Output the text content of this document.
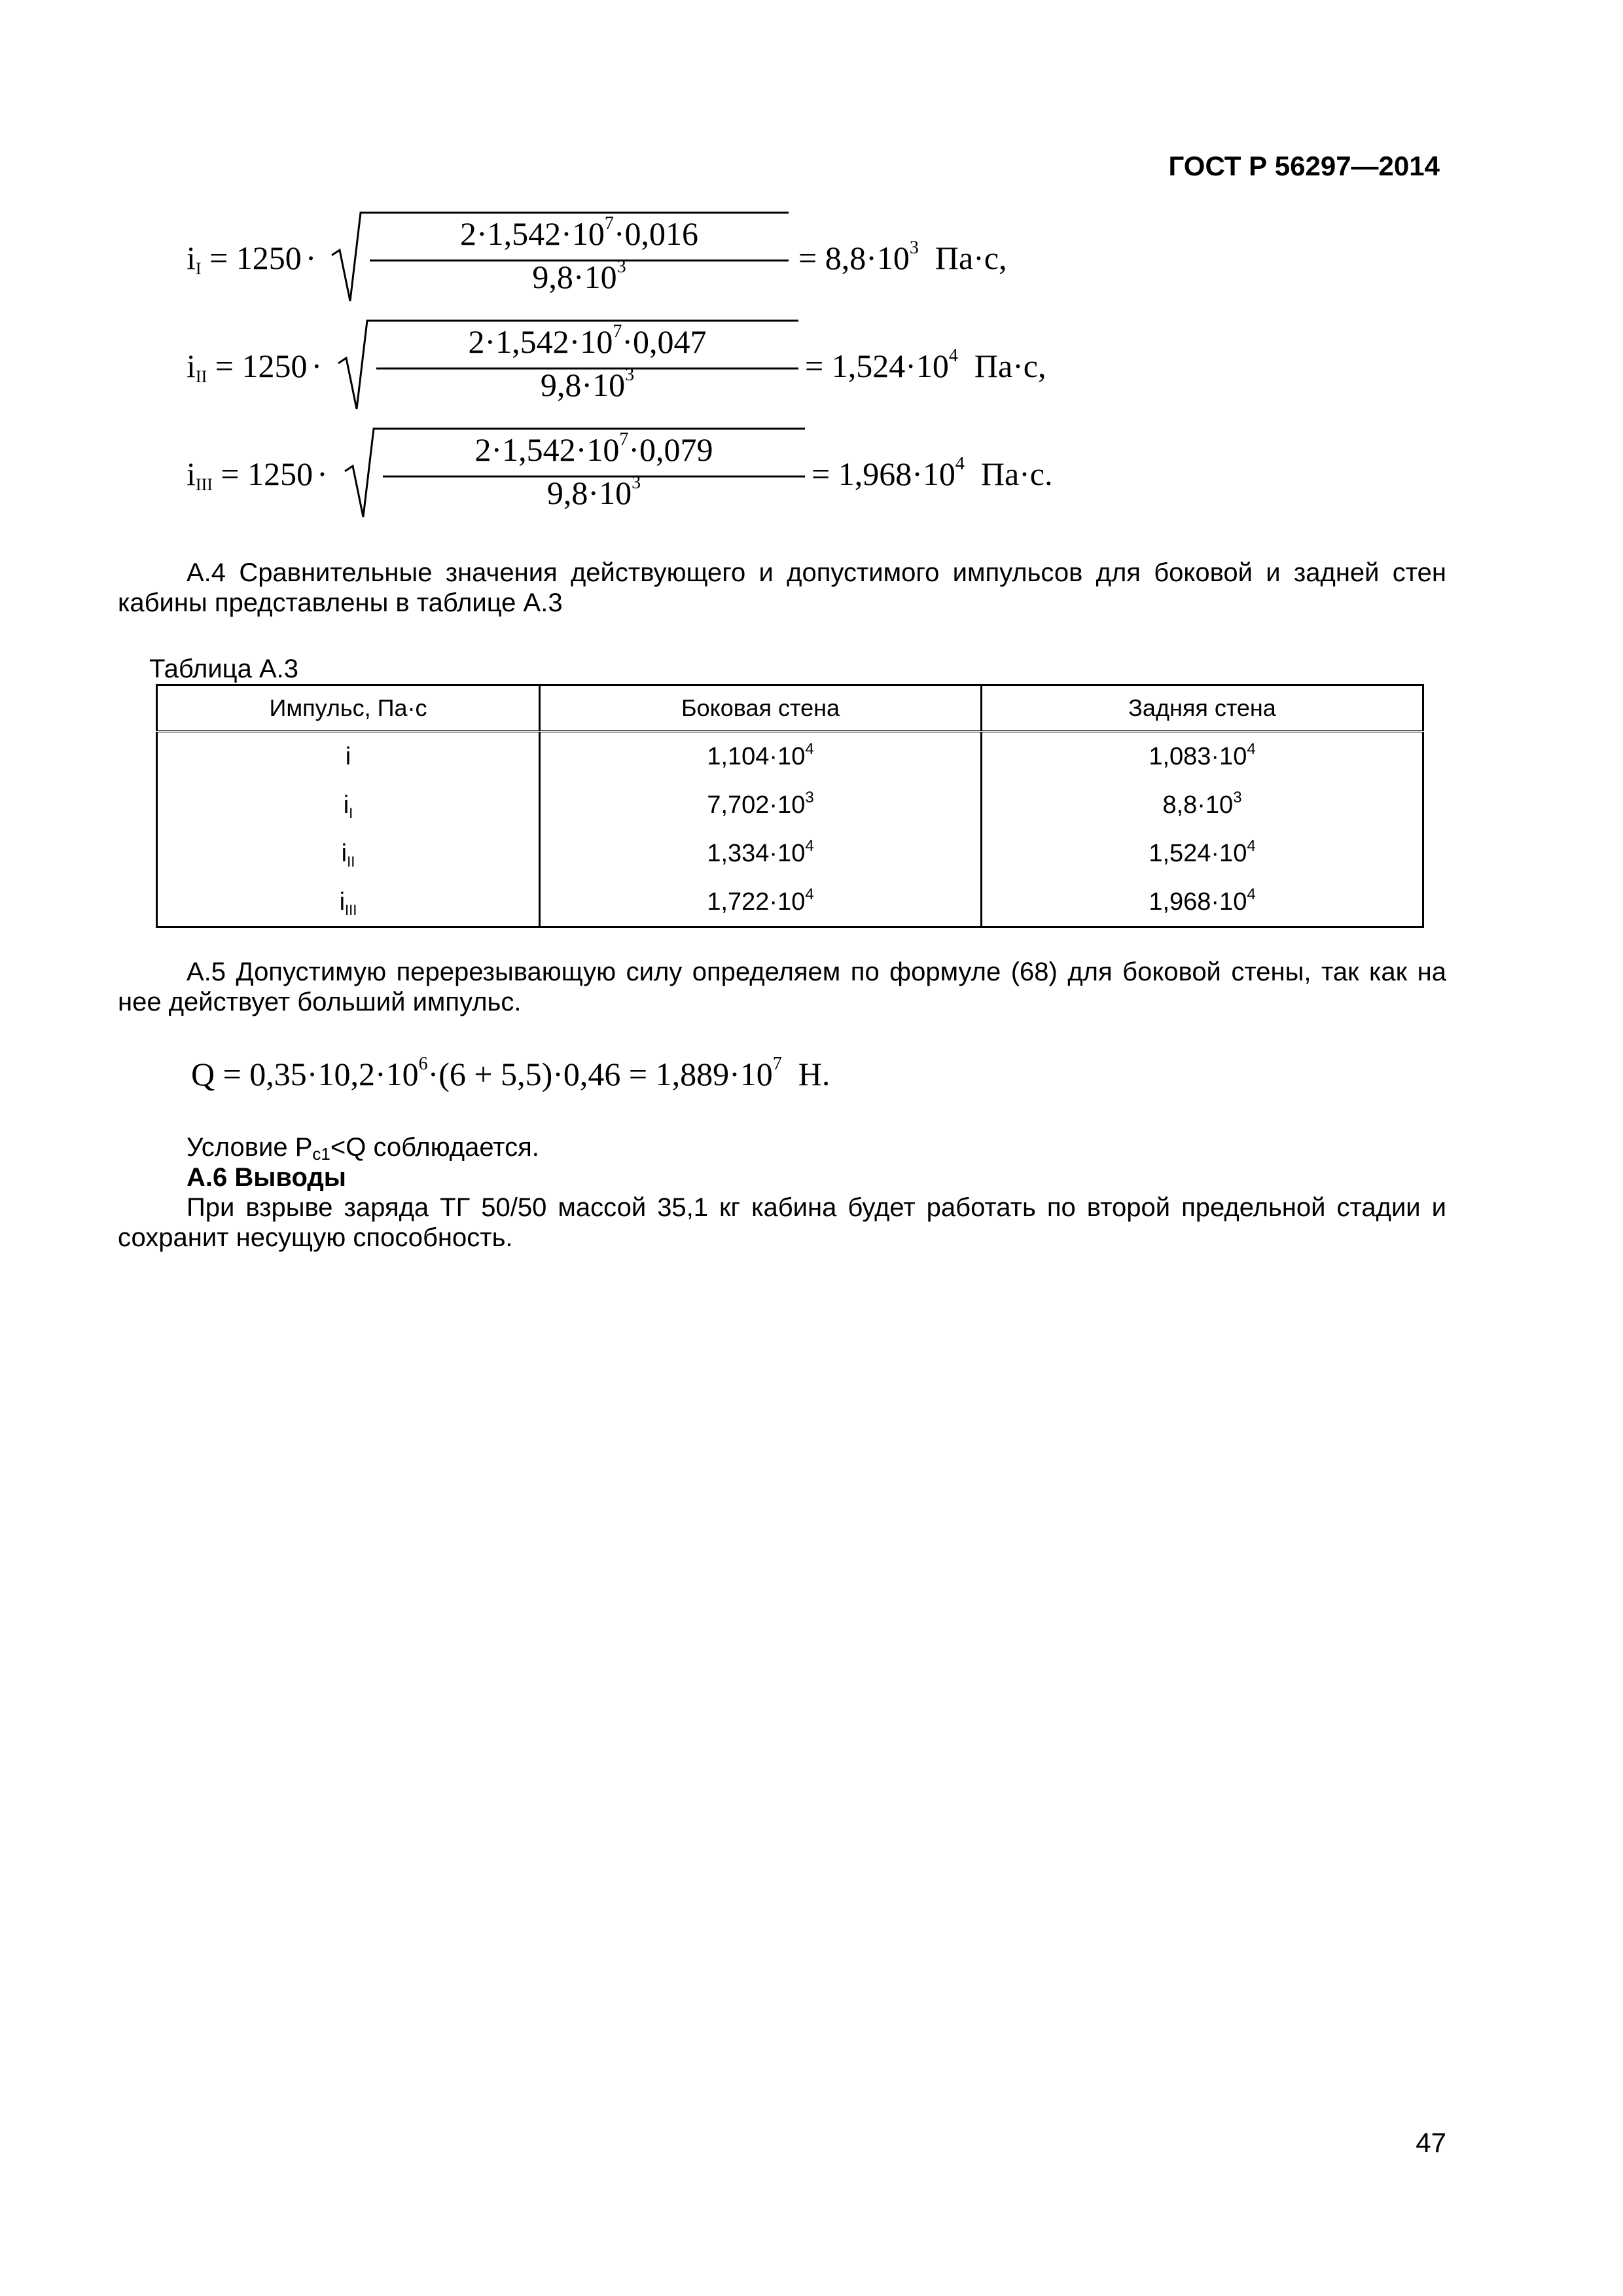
ГОСТ Р 56297—2014
$i_I = 1250$ ·
$2\cdot 1,542\cdot 10^7\cdot 0,016$
$9,8\cdot 10^3$	= $8,8\cdot 10^3$ Па·с,
$i_{II} = 1250$ ·
$2\cdot 1,542\cdot 10^7\cdot 0,047$
$9,8\cdot 10^3$	= $1,524\cdot 10^4$ Па·с,
$i_{III} = 1250$ ·
$2\cdot 1,542\cdot 10^7\cdot 0,079$
$9,8\cdot 10^3$	= $1,968\cdot 10^4$ Па·с.
А.4 Сравнительные значения действующего и допустимого импульсов для боковой и задней стен кабины представлены в таблице А.3
Таблица А.3
Импульс, Па·с	Боковая стена	Задняя стена
i	$1,104\cdot 10^4$	$1,083\cdot 10^4$
$i_I$	$7,702\cdot 10^3$	$8,8\cdot 10^3$
$i_{II}$	$1,334\cdot 10^4$	$1,524\cdot 10^4$
$i_{III}$	$1,722\cdot 10^4$	$1,968\cdot 10^4$
А.5 Допустимую перерезывающую силу определяем по формуле (68) для боковой стены, так как на нее действует больший импульс.
$Q = 0,35\cdot 10,2\cdot 10^6\cdot(6 + 5,5)\cdot 0,46 = 1,889\cdot 10^7$ Н.
Условие $P_{c1}<Q$ соблюдается.
А.6 Выводы
При взрыве заряда ТГ 50/50 массой 35,1 кг кабина будет работать по второй предельной стадии и сохранит несущую способность.
47
